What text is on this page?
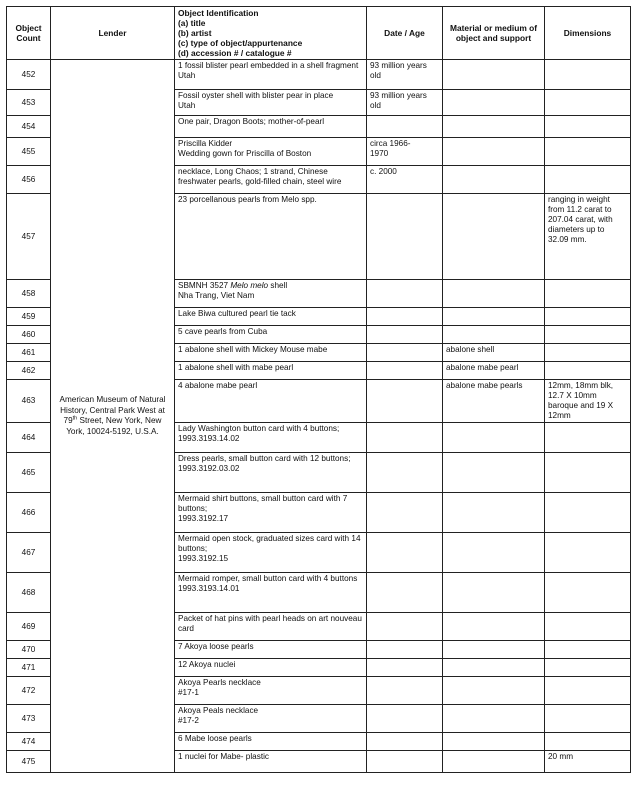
Object Count	Lender	Object Identification
(a) title
(b) artist
(c) type of object/appurtenance
(d) accession # / catalogue #	Date / Age	Material or medium of object and support	Dimensions
452	American Museum of Natural History, Central Park West at 79th Street, New York, New York, 10024-5192, U.S.A.	1 fossil blister pearl embedded in a shell fragment
Utah	93 million years old		
453		Fossil oyster shell with blister pear in place
Utah	93 million years old		
454		One pair, Dragon Boots; mother-of-pearl			
455		Priscilla Kidder
Wedding gown for Priscilla of Boston	circa 1966-
1970		
456		necklace, Long Chaos; 1 strand, Chinese freshwater pearls, gold-filled chain, steel wire	c. 2000		
457		23 porcellanous pearls from Melo spp.			ranging in weight from 11.2 carat to 207.04 carat, with diameters up to 32.09 mm.
458		SBMNH 3527 Melo melo shell
Nha Trang, Viet Nam			

459		Lake Biwa cultured pearl tie tack			
460		5 cave pearls from Cuba			
461		1 abalone shell with Mickey Mouse mabe		abalone shell	
462		1 abalone shell with mabe pearl		abalone mabe pearl	
463		4 abalone mabe pearl		abalone mabe pearls	12mm, 18mm blk, 12.7 X 10mm baroque and 19 X 12mm
464		Lady Washington button card with 4 buttons;
1993.3193.14.02			
465		Dress pearls, small button card with 12 buttons;
1993.3192.03.02			
466		Mermaid shirt buttons, small button card with 7 buttons;
1993.3192.17			
467		Mermaid open stock, graduated sizes card with 14 buttons;
1993.3192.15			
468		Mermaid romper, small button card with 4 buttons
1993.3193.14.01			
469		Packet of hat pins with pearl heads on art nouveau card			
470		7 Akoya loose pearls			
471		12 Akoya nuclei			
472		Akoya Pearls necklace
#17-1			
473		Akoya Peals necklace
#17-2			
474		6 Mabe loose pearls			
475		1 nuclei for Mabe- plastic			20 mm
